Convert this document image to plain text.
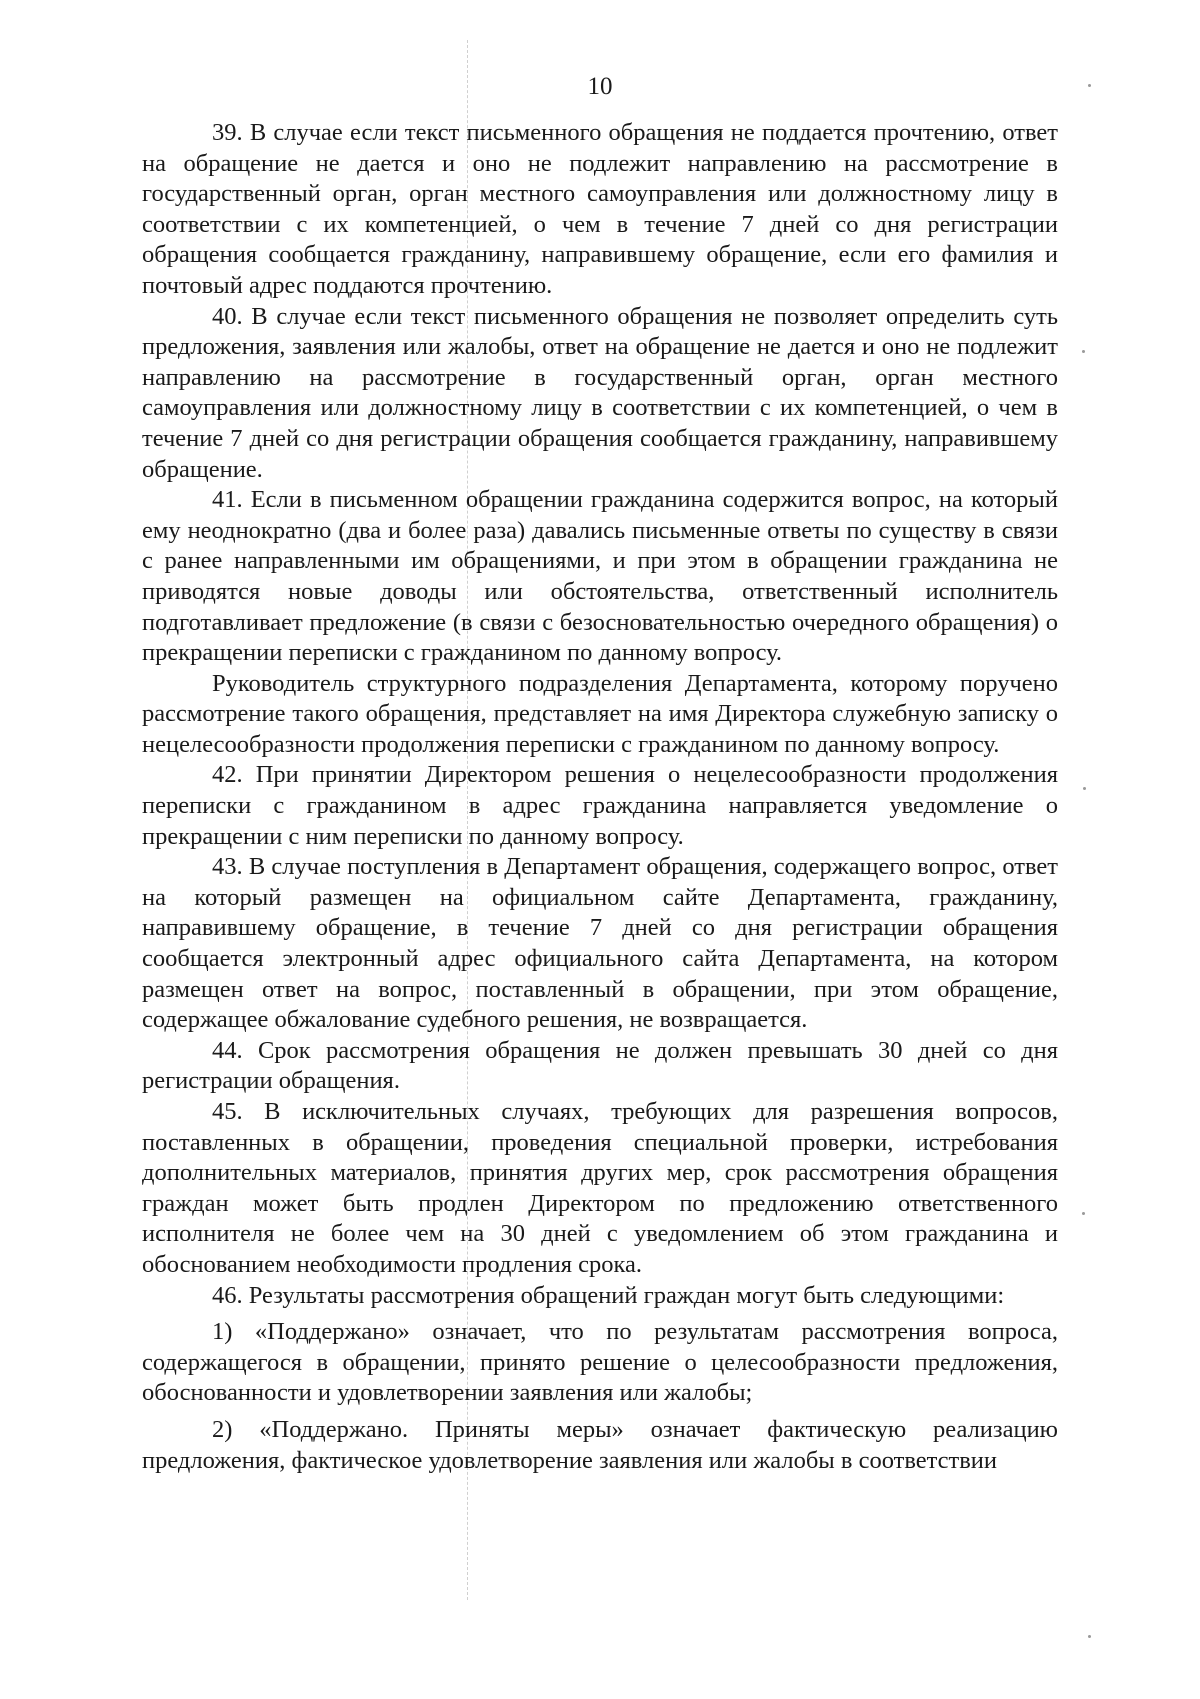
10

39. В случае если текст письменного обращения не поддается прочтению, ответ на обращение не дается и оно не подлежит направлению на рассмотрение в государственный орган, орган местного самоуправления или должностному лицу в соответствии с их компетенцией, о чем в течение 7 дней со дня регистрации обращения сообщается гражданину, направившему обращение, если его фамилия и почтовый адрес поддаются прочтению.

40. В случае если текст письменного обращения не позволяет определить суть предложения, заявления или жалобы, ответ на обращение не дается и оно не подлежит направлению на рассмотрение в государственный орган, орган местного самоуправления или должностному лицу в соответствии с их компетенцией, о чем в течение 7 дней со дня регистрации обращения сообщается гражданину, направившему обращение.

41. Если в письменном обращении гражданина содержится вопрос, на который ему неоднократно (два и более раза) давались письменные ответы по существу в связи с ранее направленными им обращениями, и при этом в обращении гражданина не приводятся новые доводы или обстоятельства, ответственный исполнитель подготавливает предложение (в связи с безосновательностью очередного обращения) о прекращении переписки с гражданином по данному вопросу.

Руководитель структурного подразделения Департамента, которому поручено рассмотрение такого обращения, представляет на имя Директора служебную записку о нецелесообразности продолжения переписки с гражданином по данному вопросу.

42. При принятии Директором решения о нецелесообразности продолжения переписки с гражданином в адрес гражданина направляется уведомление о прекращении с ним переписки по данному вопросу.

43. В случае поступления в Департамент обращения, содержащего вопрос, ответ на который размещен на официальном сайте Департамента, гражданину, направившему обращение, в течение 7 дней со дня регистрации обращения сообщается электронный адрес официального сайта Департамента, на котором размещен ответ на вопрос, поставленный в обращении, при этом обращение, содержащее обжалование судебного решения, не возвращается.

44. Срок рассмотрения обращения не должен превышать 30 дней со дня регистрации обращения.

45. В исключительных случаях, требующих для разрешения вопросов, поставленных в обращении, проведения специальной проверки, истребования дополнительных материалов, принятия других мер, срок рассмотрения обращения граждан может быть продлен Директором по предложению ответственного исполнителя не более чем на 30 дней с уведомлением об этом гражданина и обоснованием необходимости продления срока.

46. Результаты рассмотрения обращений граждан могут быть следующими:

1) «Поддержано» означает, что по результатам рассмотрения вопроса, содержащегося в обращении, принято решение о целесообразности предложения, обоснованности и удовлетворении заявления или жалобы;

2) «Поддержано. Приняты меры» означает фактическую реализацию предложения, фактическое удовлетворение заявления или жалобы в соответствии
